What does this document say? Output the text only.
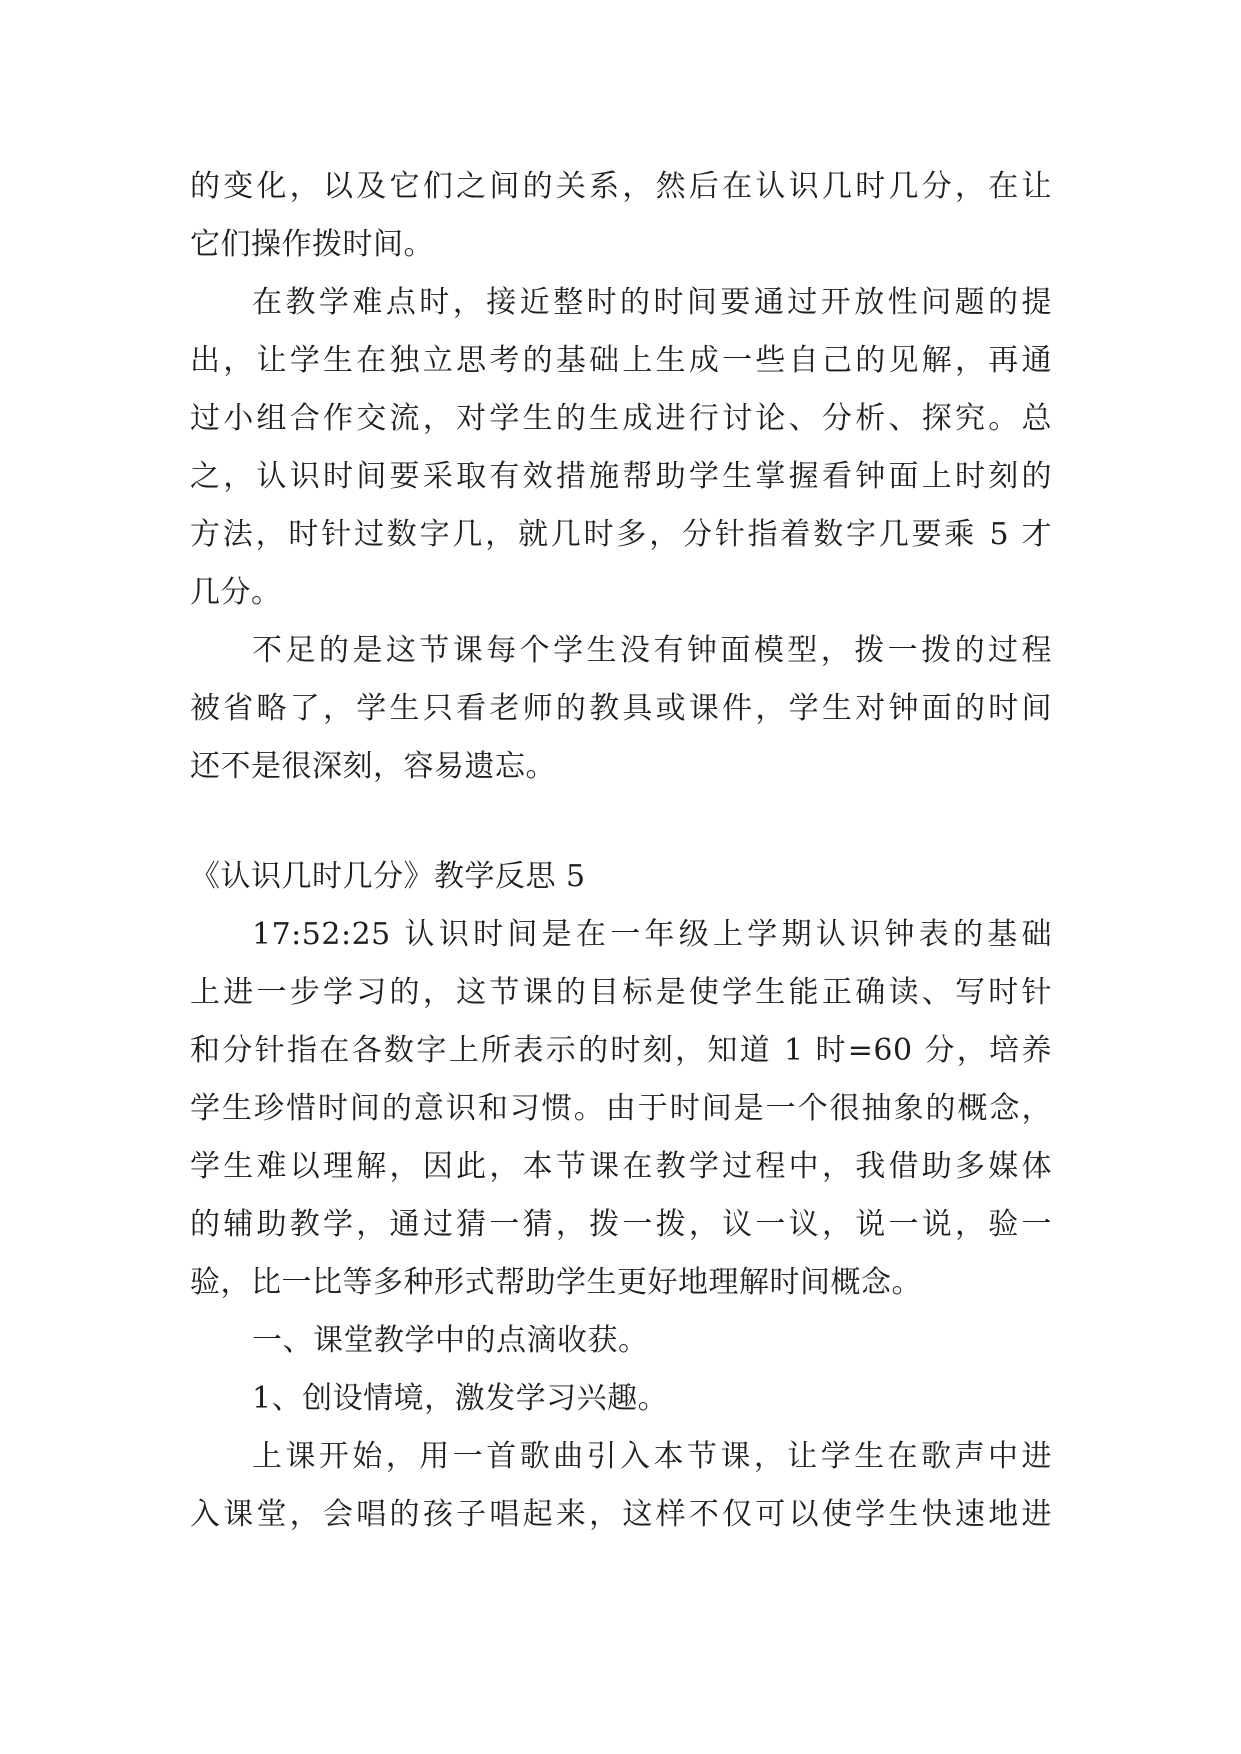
的变化，以及它们之间的关系，然后在认识几时几分，在让

它们操作拨时间。

在教学难点时，接近整时的时间要通过开放性问题的提

出，让学生在独立思考的基础上生成一些自己的见解，再通

过小组合作交流，对学生的生成进行讨论、分析、探究。总

之，认识时间要采取有效措施帮助学生掌握看钟面上时刻的

方法，时针过数字几，就几时多，分针指着数字几要乘 5 才

几分。

不足的是这节课每个学生没有钟面模型，拨一拨的过程

被省略了，学生只看老师的教具或课件，学生对钟面的时间

还不是很深刻，容易遗忘。

《认识几时几分》教学反思 5

17:52:25 认识时间是在一年级上学期认识钟表的基础

上进一步学习的，这节课的目标是使学生能正确读、写时针

和分针指在各数字上所表示的时刻，知道 1 时=60 分，培养

学生珍惜时间的意识和习惯。由于时间是一个很抽象的概念，

学生难以理解，因此，本节课在教学过程中，我借助多媒体

的辅助教学，通过猜一猜，拨一拨，议一议，说一说，验一

验，比一比等多种形式帮助学生更好地理解时间概念。

一、课堂教学中的点滴收获。

1、创设情境，激发学习兴趣。

上课开始，用一首歌曲引入本节课，让学生在歌声中进

入课堂，会唱的孩子唱起来，这样不仅可以使学生快速地进
